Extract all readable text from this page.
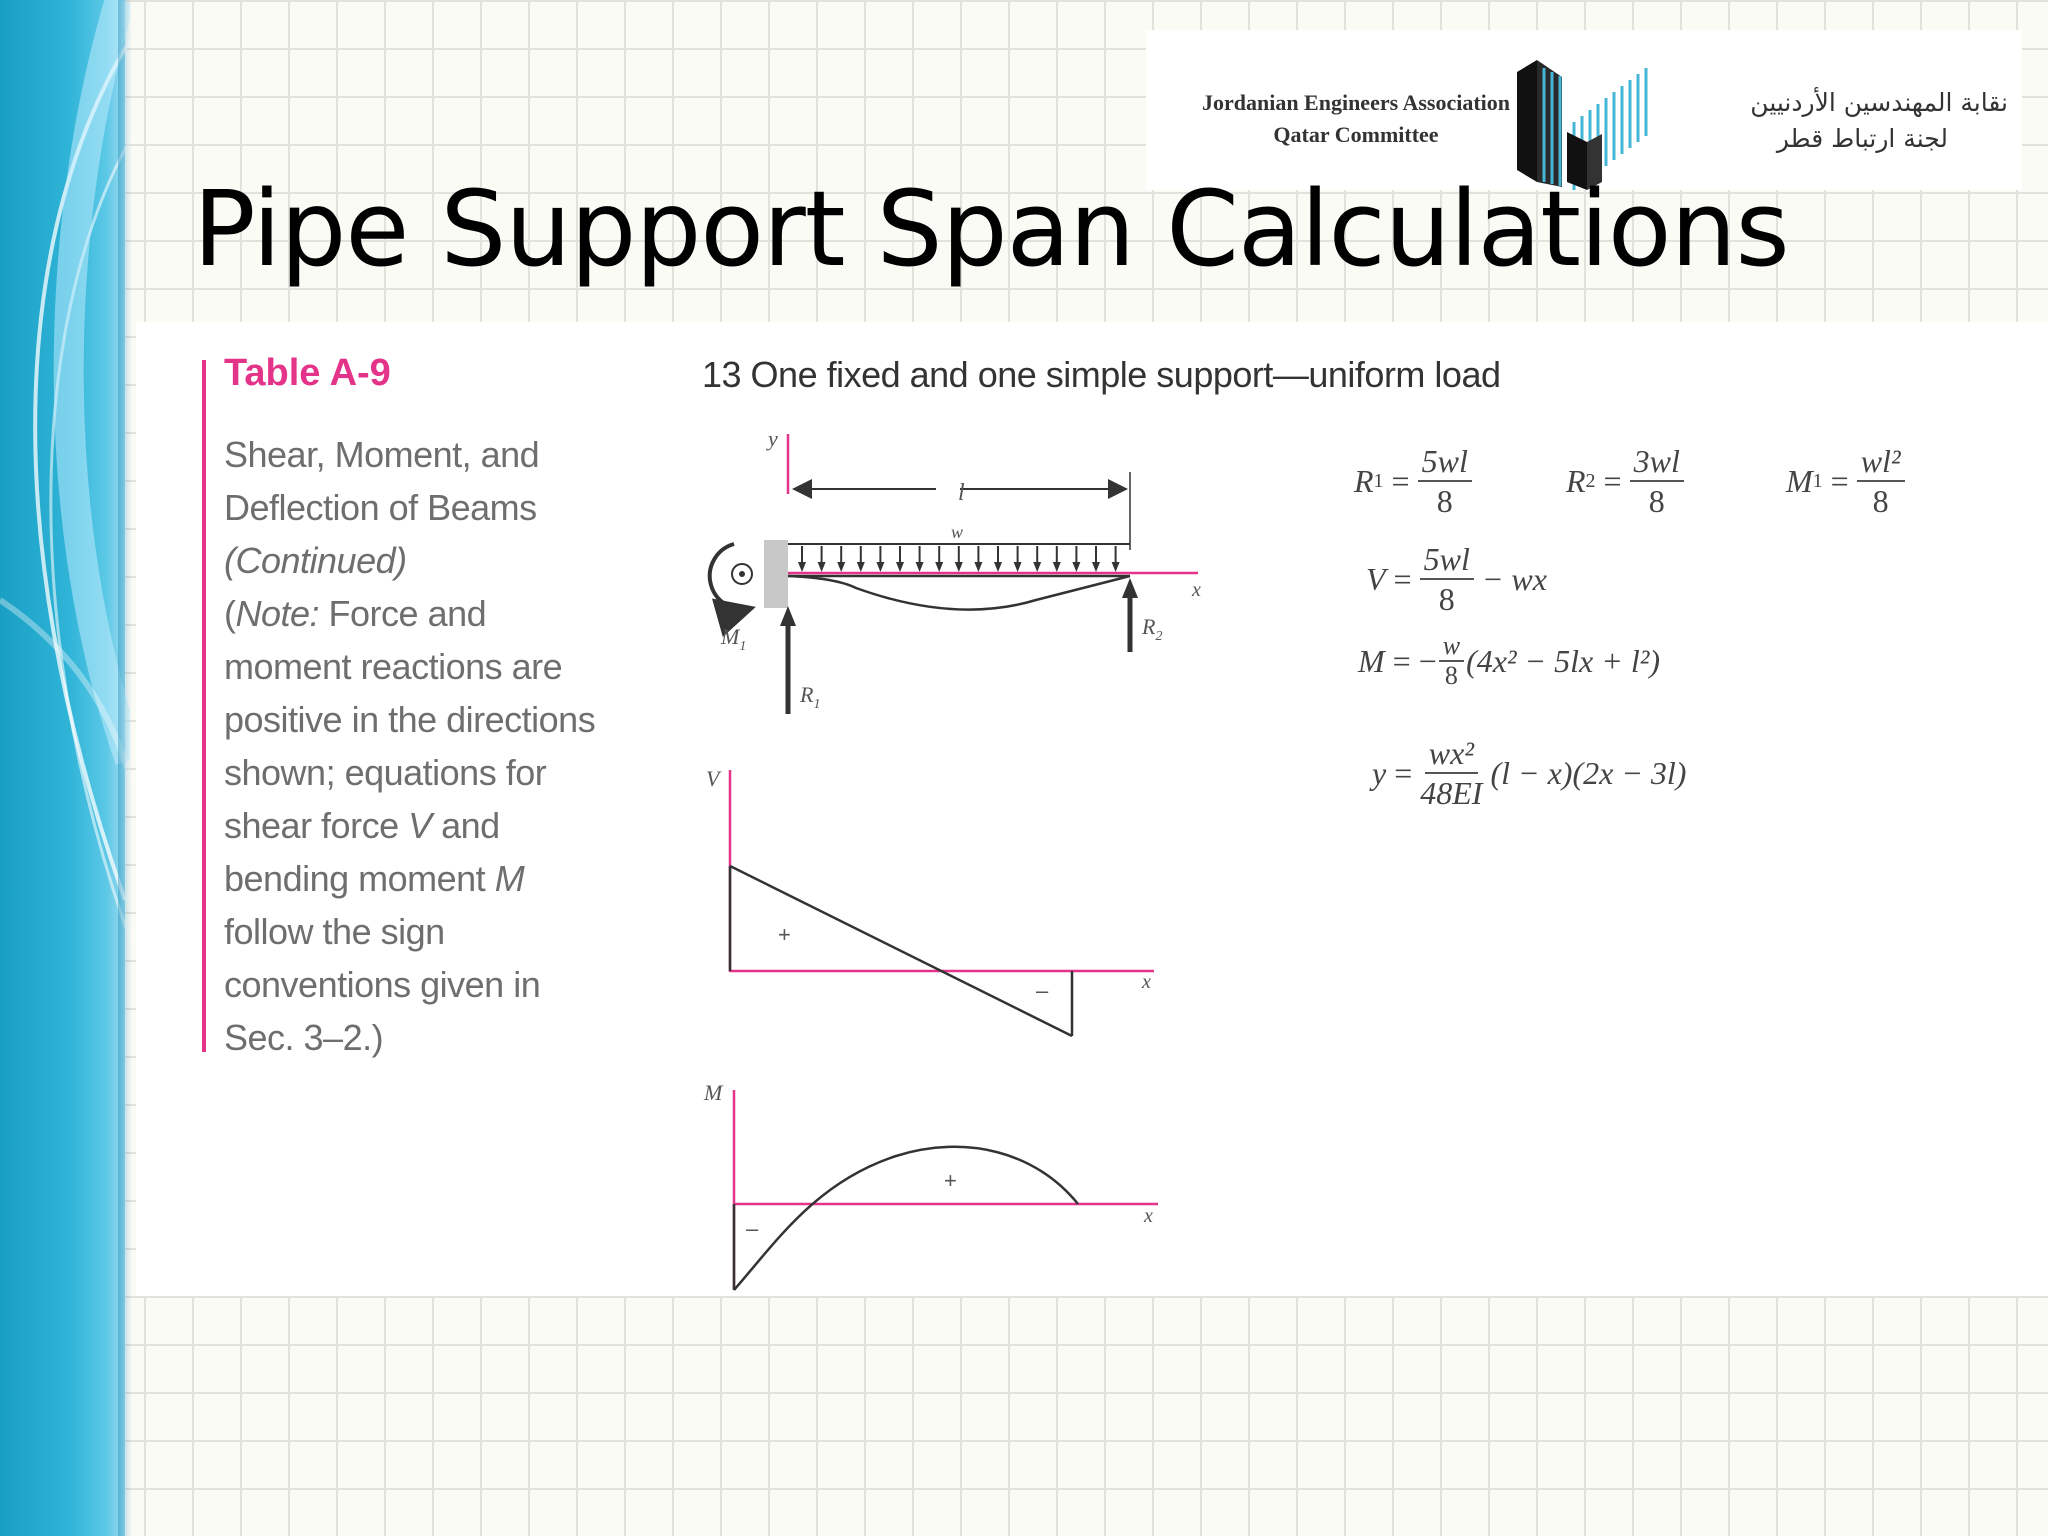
Jordanian Engineers Association
Qatar Committee
نقابة المهندسين الأردنيين
لجنة ارتباط قطر
Pipe Support Span Calculations
Table A-9
Shear, Moment, and
Deflection of Beams
(Continued)
(Note: Force and
moment reactions are
positive in the directions
shown; equations for
shear force V and
bending moment M
follow the sign
conventions given in
Sec. 3–2.)
13 One fixed and one simple support—uniform load
y
l
w
x
$M_1$
$R_1$
$R_2$
V
x
+
–
M
x
–
+
R 1
= $\frac{5wl}{8}$	R 2
= $\frac{3wl}{8}$	M 1
= $\frac{\text{wl²}}{8}$
V
= $\frac{5wl}{8}$ − wx
M
=
− $\frac{w}{8} (4x^2 - 5lx + l^2)$
y
= $\frac{\text{wx²}}{48EI} (l - x)(2x - 3l)$
